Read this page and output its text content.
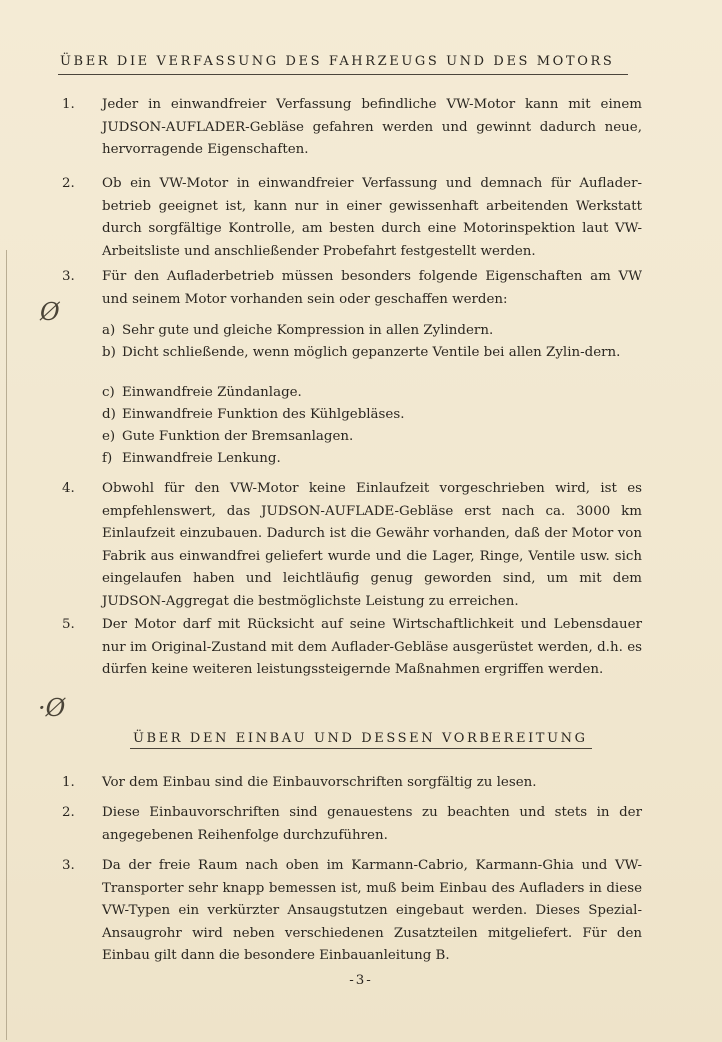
Ø
·Ø
ÜBER DIE VERFASSUNG DES FAHRZEUGS UND DES MOTORS
1.	Jeder in einwandfreier Verfassung befindliche VW-Motor kann mit einem JUDSON-AUFLADER-Gebläse gefahren werden und gewinnt dadurch neue, hervorragende Eigenschaften.
2.	Ob ein VW-Motor in einwandfreier Verfassung und demnach für Auflader-betrieb geeignet ist, kann nur in einer gewissenhaft arbeitenden Werkstatt durch sorgfältige Kontrolle, am besten durch eine Motorinspektion laut VW-Arbeitsliste und anschließender Probefahrt festgestellt werden.
3.	Für den Aufladerbetrieb müssen besonders folgende Eigenschaften am VW und seinem Motor vorhanden sein oder geschaffen werden:
a) Sehr gute und gleiche Kompression in allen Zylindern.
b) Dicht schließende, wenn möglich gepanzerte Ventile bei allen Zylin-dern.
c) Einwandfreie Zündanlage.
d) Einwandfreie Funktion des Kühlgebläses.
e) Gute Funktion der Bremsanlagen.
f) Einwandfreie Lenkung.
4.	Obwohl für den VW-Motor keine Einlaufzeit vorgeschrieben wird, ist es empfehlenswert, das JUDSON-AUFLADE-Gebläse erst nach ca. 3000 km Einlaufzeit einzubauen. Dadurch ist die Gewähr vorhanden, daß der Motor von Fabrik aus einwandfrei geliefert wurde und die Lager, Ringe, Ventile usw. sich eingelaufen haben und leichtläufig genug geworden sind, um mit dem JUDSON-Aggregat die bestmöglichste Leistung zu erreichen.
5.	Der Motor darf mit Rücksicht auf seine Wirtschaftlichkeit und Lebensdauer nur im Original-Zustand mit dem Auflader-Gebläse ausgerüstet werden, d.h. es dürfen keine weiteren leistungssteigernde Maßnahmen ergriffen werden.
ÜBER DEN EINBAU UND DESSEN VORBEREITUNG
1.	Vor dem Einbau sind die Einbauvorschriften sorgfältig zu lesen.
2.	Diese Einbauvorschriften sind genauestens zu beachten und stets in der angegebenen Reihenfolge durchzuführen.
3.	Da der freie Raum nach oben im Karmann-Cabrio, Karmann-Ghia und VW-Transporter sehr knapp bemessen ist, muß beim Einbau des Aufladers in diese VW-Typen ein verkürzter Ansaugstutzen eingebaut werden. Dieses Spezial-Ansaugrohr wird neben verschiedenen Zusatzteilen mitgeliefert. Für den Einbau gilt dann die besondere Einbauanleitung B.
-3-
